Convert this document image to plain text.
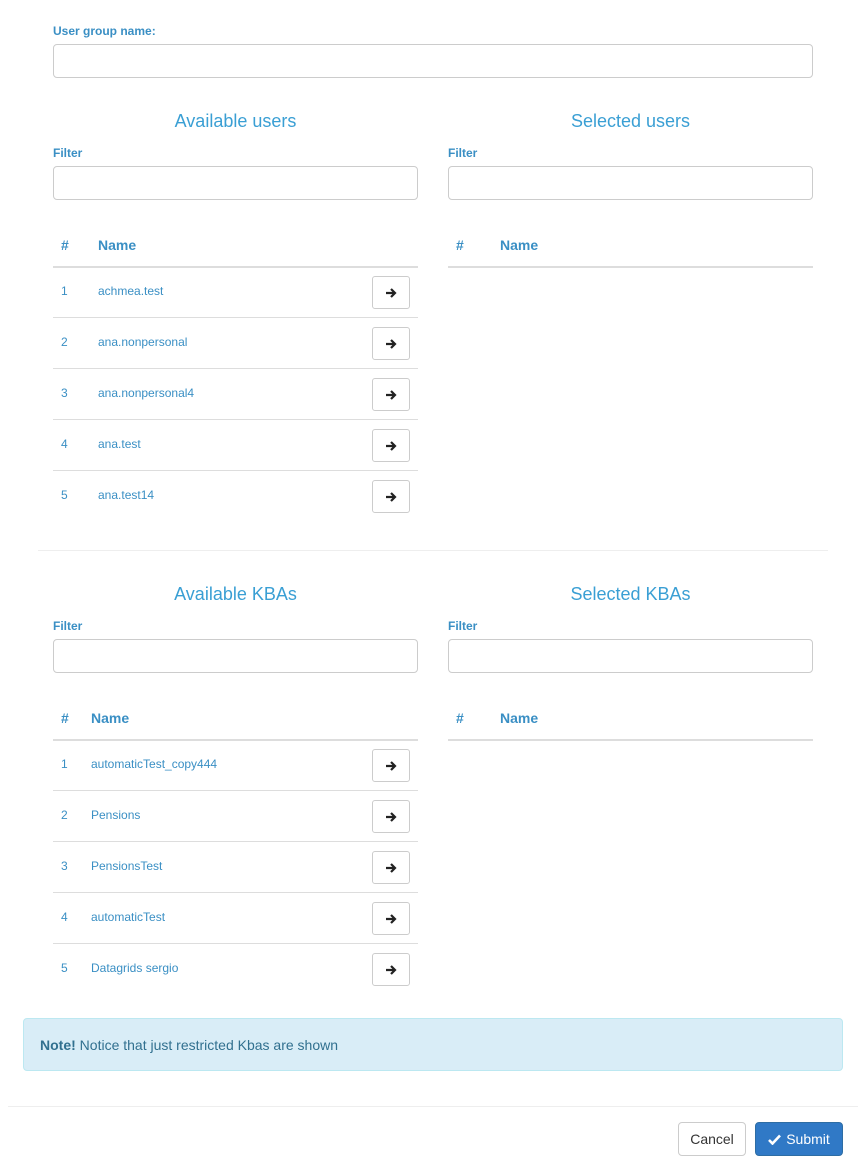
User group name:
Available users
Filter
# Name
1	achmea.test
2	ana.nonpersonal
3	ana.nonpersonal4
4	ana.test
5	ana.test14
Selected users
Filter
#	Name
Available KBAs
Filter
# Name
1 automaticTest_copy444
2 Pensions
3 PensionsTest
4 automaticTest
5 Datagrids sergio
Selected KBAs
Filter
#	Name
Note! Notice that just restricted Kbas are shown
Cancel	Submit
